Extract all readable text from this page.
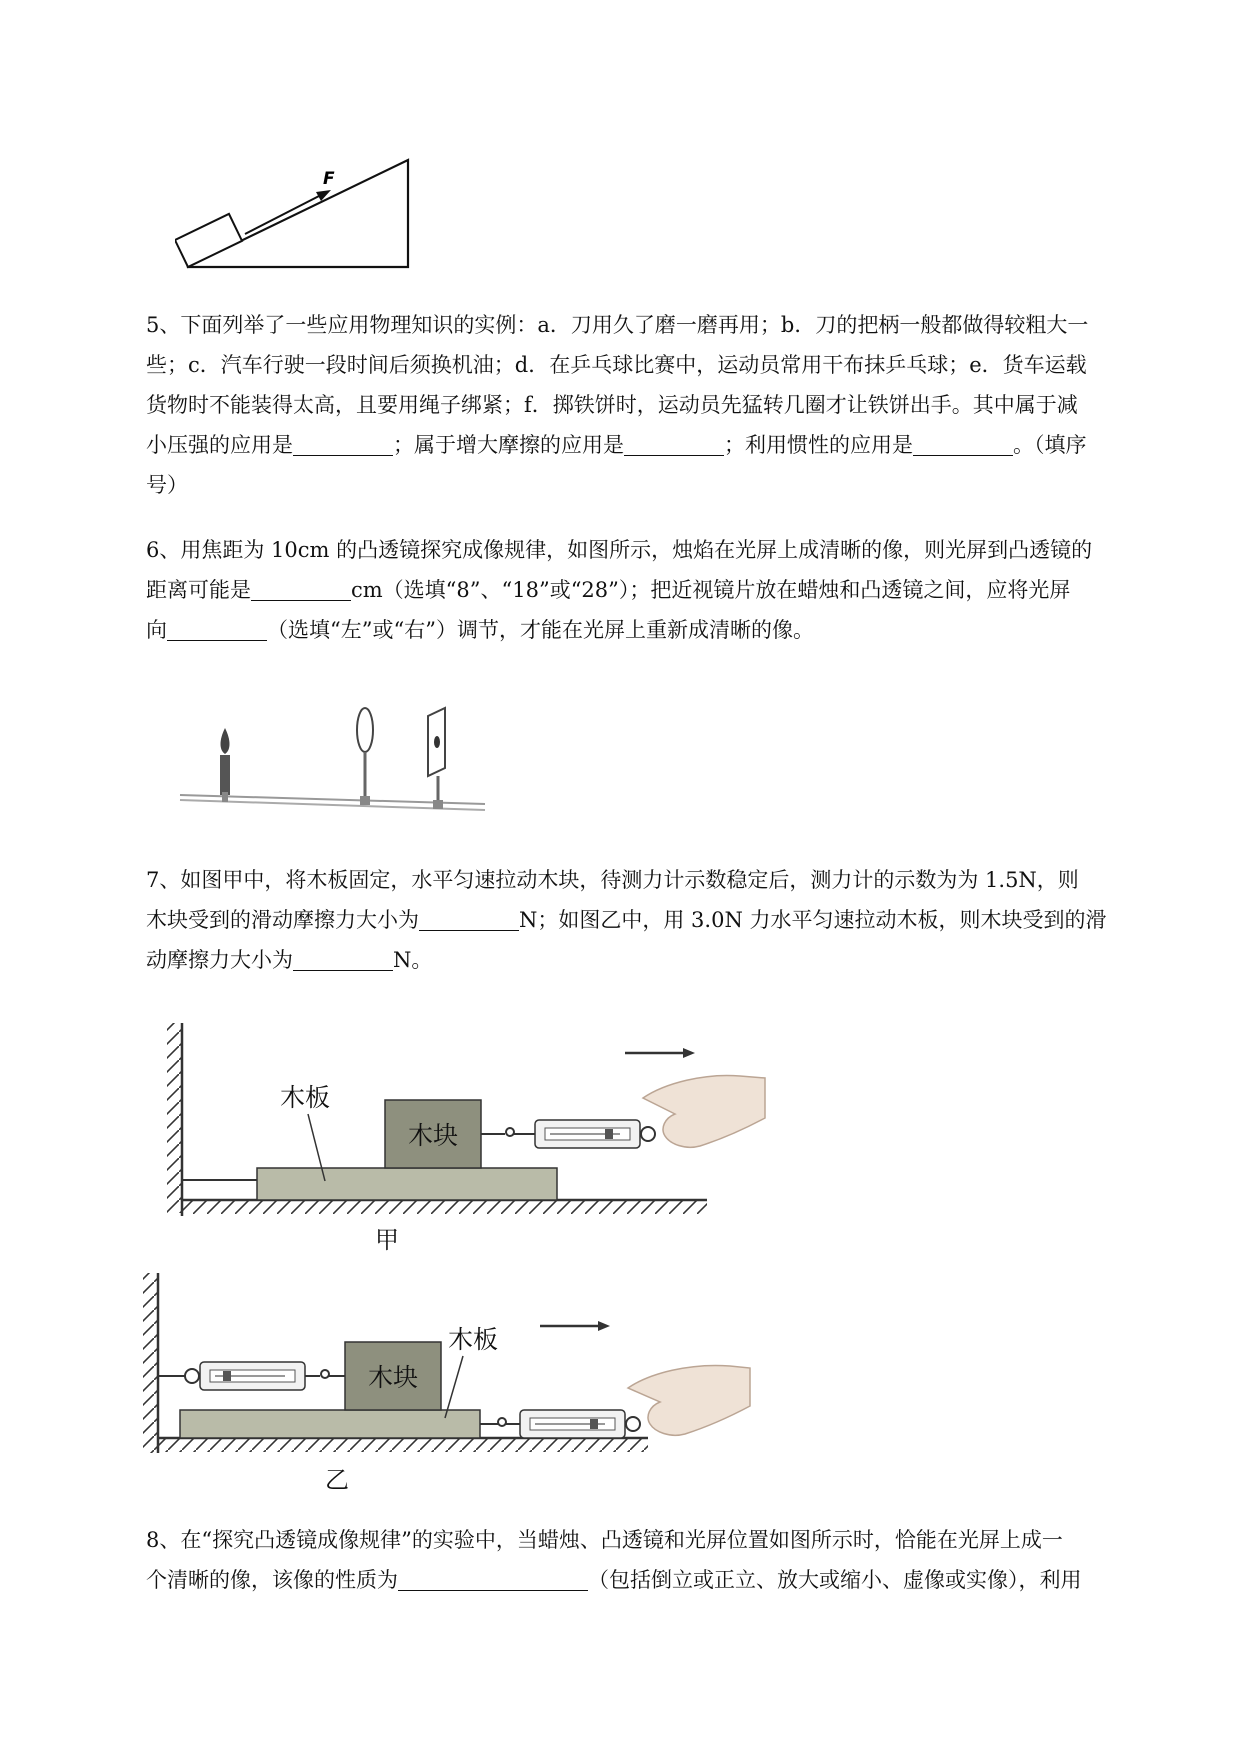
F
5、下面列举了一些应用物理知识的实例：a．刀用久了磨一磨再用；b．刀的把柄一般都做得较粗大一
些；c．汽车行驶一段时间后须换机油；d．在乒乓球比赛中，运动员常用干布抹乒乓球；e．货车运载
货物时不能装得太高，且要用绳子绑紧；f．掷铁饼时，运动员先猛转几圈才让铁饼出手。其中属于减
小压强的应用是	；属于增大摩擦的应用是	；利用惯性的应用是	。（填序
号）
6、用焦距为 10cm 的凸透镜探究成像规律，如图所示，烛焰在光屏上成清晰的像，则光屏到凸透镜的
距离可能是	cm（选填“8”、“18”或“28”）；把近视镜片放在蜡烛和凸透镜之间，应将光屏
向	（选填“左”或“右”）调节，才能在光屏上重新成清晰的像。
7、如图甲中，将木板固定，水平匀速拉动木块，待测力计示数稳定后，测力计的示数为为 1.5N，则
木块受到的滑动摩擦力大小为	N；如图乙中，用 3.0N 力水平匀速拉动木板，则木块受到的滑
动摩擦力大小为	N。
木块
木板
甲
木块
木板
乙
8、在“探究凸透镜成像规律”的实验中，当蜡烛、凸透镜和光屏位置如图所示时，恰能在光屏上成一
个清晰的像，该像的性质为	（包括倒立或正立、放大或缩小、虚像或实像），利用
